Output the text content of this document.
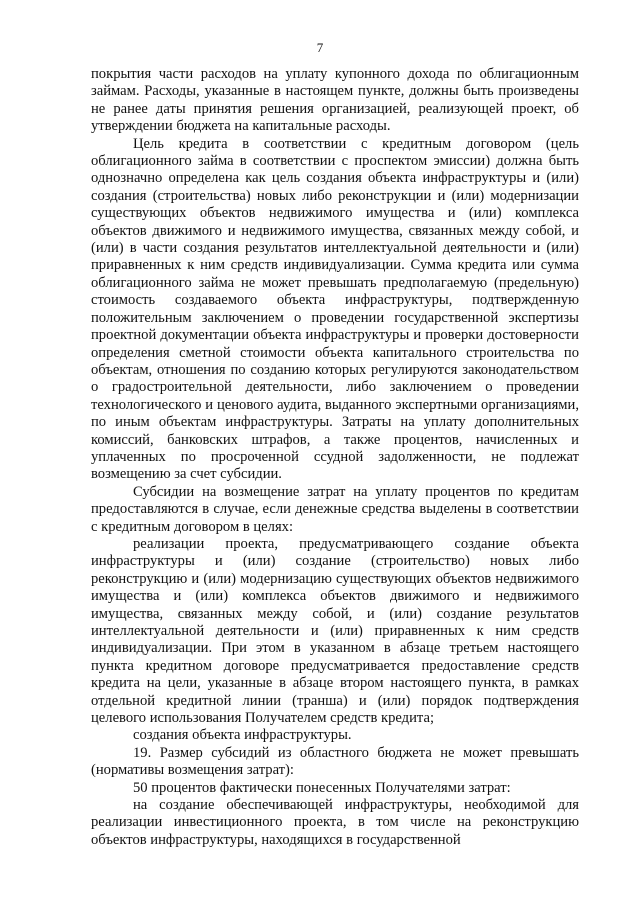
7

покрытия части расходов на уплату купонного дохода по облигационным займам. Расходы, указанные в настоящем пункте, должны быть произведены не ранее даты принятия решения организацией, реализующей проект, об утверждении бюджета на капитальные расходы.

Цель кредита в соответствии с кредитным договором (цель облигационного займа в соответствии с проспектом эмиссии) должна быть однозначно определена как цель создания объекта инфраструктуры и (или) создания (строительства) новых либо реконструкции и (или) модернизации существующих объектов недвижимого имущества и (или) комплекса объектов движимого и недвижимого имущества, связанных между собой, и (или) в части создания результатов интеллектуальной деятельности и (или) приравненных к ним средств индивидуализации. Сумма кредита или сумма облигационного займа не может превышать предполагаемую (предельную) стоимость создаваемого объекта инфраструктуры, подтвержденную положительным заключением о проведении государственной экспертизы проектной документации объекта инфраструктуры и проверки достоверности определения сметной стоимости объекта капитального строительства по объектам, отношения по созданию которых регулируются законодательством о градостроительной деятельности, либо заключением о проведении технологического и ценового аудита, выданного экспертными организациями, по иным объектам инфраструктуры. Затраты на уплату дополнительных комиссий, банковских штрафов, а также процентов, начисленных и уплаченных по просроченной ссудной задолженности, не подлежат возмещению за счет субсидии.

Субсидии на возмещение затрат на уплату процентов по кредитам предоставляются в случае, если денежные средства выделены в соответствии с кредитным договором в целях:

реализации проекта, предусматривающего создание объекта инфраструктуры и (или) создание (строительство) новых либо реконструкцию и (или) модернизацию существующих объектов недвижимого имущества и (или) комплекса объектов движимого и недвижимого имущества, связанных между собой, и (или) создание результатов интеллектуальной деятельности и (или) приравненных к ним средств индивидуализации. При этом в указанном в абзаце третьем настоящего пункта кредитном договоре предусматривается предоставление средств кредита на цели, указанные в абзаце втором настоящего пункта, в рамках отдельной кредитной линии (транша) и (или) порядок подтверждения целевого использования Получателем средств кредита;

создания объекта инфраструктуры.

19. Размер субсидий из областного бюджета не может превышать (нормативы возмещения затрат):

50 процентов фактически понесенных Получателями затрат:

на создание обеспечивающей инфраструктуры, необходимой для реализации инвестиционного проекта, в том числе на реконструкцию объектов инфраструктуры, находящихся в государственной
